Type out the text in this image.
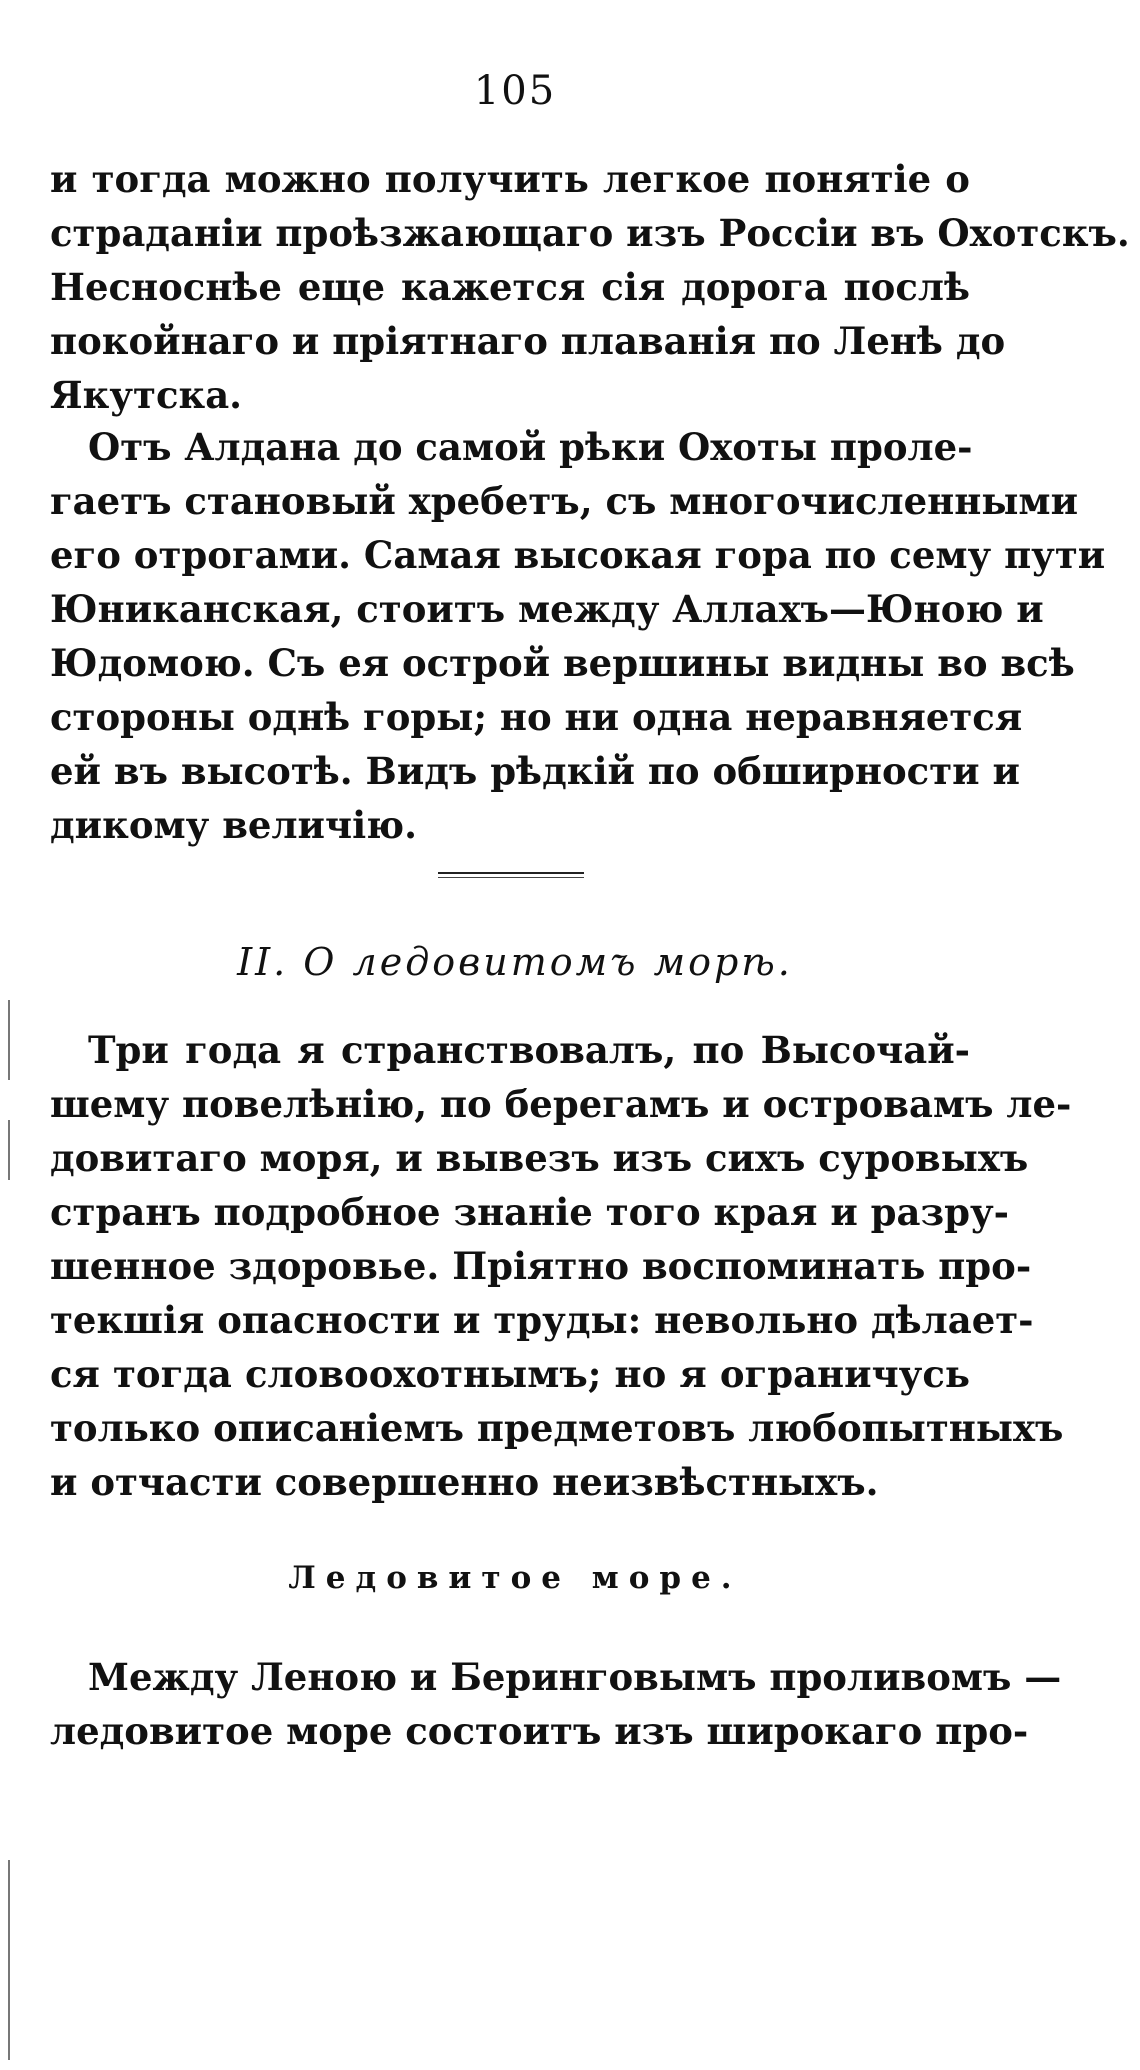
105
и тогда можно получить легкое понятіе о
страданіи проѣзжающаго изъ Россіи въ Охотскъ.
Несноснѣе еще кажется сія дорога послѣ
покойнаго и пріятнаго плаванія по Ленѣ до
Якутска.
Отъ Алдана до самой рѣки Охоты проле-
гаетъ становый хребетъ, съ многочисленными
его отрогами. Самая высокая гора по сему пути
Юниканская, стоитъ между Аллахъ—Юною и
Юдомою. Съ ея острой вершины видны во всѣ
стороны однѣ горы; но ни одна неравняется
ей въ высотѣ. Видъ рѣдкій по обширности и
дикому величію.
II. О ледовитомъ морѣ.
Три года я странствовалъ, по Высочай-
шему повелѣнію, по берегамъ и островамъ ле-
довитаго моря, и вывезъ изъ сихъ суровыхъ
странъ подробное знаніе того края и разру-
шенное здоровье. Пріятно воспоминать про-
текшія опасности и труды: невольно дѣлает-
ся тогда словоохотнымъ; но я ограничусь
только описаніемъ предметовъ любопытныхъ
и отчасти совершенно неизвѣстныхъ.
Ледовитое море.
Между Леною и Беринговымъ проливомъ —
ледовитое море состоитъ изъ широкаго про-
